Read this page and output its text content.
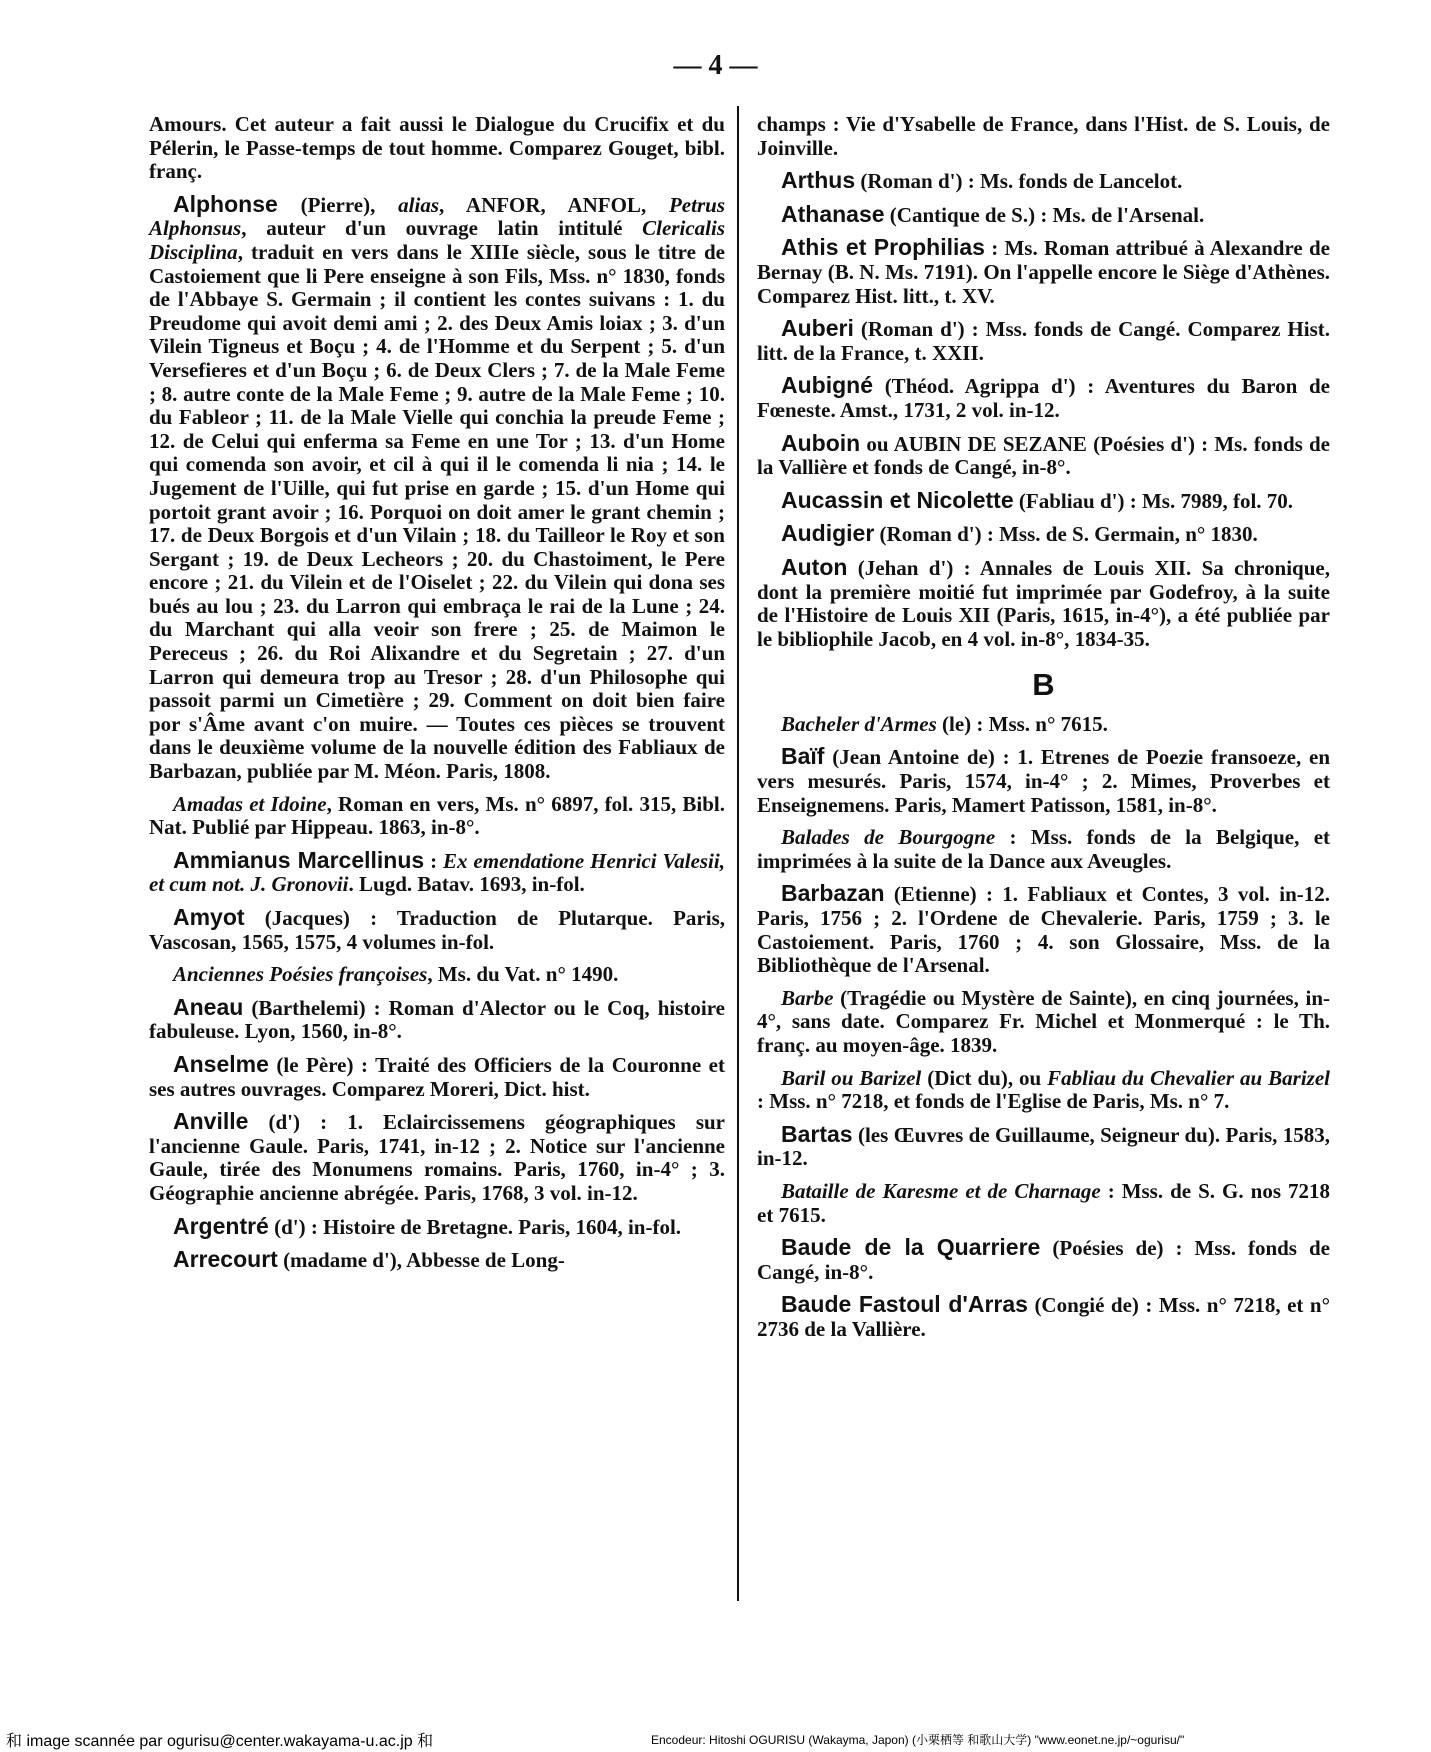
— 4 —

Amours. Cet auteur a fait aussi le Dialogue du Crucifix et du Pélerin, le Passe-temps de tout homme. Comparez Gouget, bibl. franç.

Alphonse (Pierre), alias, ANFOR, ANFOL, Petrus Alphonsus, auteur d'un ouvrage latin intitulé Clericalis Disciplina, traduit en vers dans le XIIIe siècle, sous le titre de Castoiement que li Pere enseigne à son Fils, Mss. n° 1830, fonds de l'Abbaye S. Germain ; il contient les contes suivans : 1. du Preudome qui avoit demi ami ; 2. des Deux Amis loiax ; 3. d'un Vilein Tigneus et Boçu ; 4. de l'Homme et du Serpent ; 5. d'un Versefieres et d'un Boçu ; 6. de Deux Clers ; 7. de la Male Feme ; 8. autre conte de la Male Feme ; 9. autre de la Male Feme ; 10. du Fableor ; 11. de la Male Vielle qui conchia la preude Feme ; 12. de Celui qui enferma sa Feme en une Tor ; 13. d'un Home qui comenda son avoir, et cil à qui il le comenda li nia ; 14. le Jugement de l'Uille, qui fut prise en garde ; 15. d'un Home qui portoit grant avoir ; 16. Porquoi on doit amer le grant chemin ; 17. de Deux Borgois et d'un Vilain ; 18. du Tailleor le Roy et son Sergant ; 19. de Deux Lecheors ; 20. du Chastoiment, le Pere encore ; 21. du Vilein et de l'Oiselet ; 22. du Vilein qui dona ses bués au lou ; 23. du Larron qui embraça le rai de la Lune ; 24. du Marchant qui alla veoir son frere ; 25. de Maimon le Pereceus ; 26. du Roi Alixandre et du Segretain ; 27. d'un Larron qui demeura trop au Tresor ; 28. d'un Philosophe qui passoit parmi un Cimetière ; 29. Comment on doit bien faire por s'Âme avant c'on muire. — Toutes ces pièces se trouvent dans le deuxième volume de la nouvelle édition des Fabliaux de Barbazan, publiée par M. Méon. Paris, 1808.

Amadas et Idoine, Roman en vers, Ms. n° 6897, fol. 315, Bibl. Nat. Publié par Hippeau. 1863, in-8°.

Ammianus Marcellinus : Ex emendatione Henrici Valesii, et cum not. J. Gronovii. Lugd. Batav. 1693, in-fol.

Amyot (Jacques) : Traduction de Plutarque. Paris, Vascosan, 1565, 1575, 4 volumes in-fol.

Anciennes Poésies françoises, Ms. du Vat. n° 1490.

Aneau (Barthelemi) : Roman d'Alector ou le Coq, histoire fabuleuse. Lyon, 1560, in-8°.

Anselme (le Père) : Traité des Officiers de la Couronne et ses autres ouvrages. Comparez Moreri, Dict. hist.

Anville (d') : 1. Eclaircissemens géographiques sur l'ancienne Gaule. Paris, 1741, in-12 ; 2. Notice sur l'ancienne Gaule, tirée des Monumens romains. Paris, 1760, in-4° ; 3. Géographie ancienne abrégée. Paris, 1768, 3 vol. in-12.

Argentré (d') : Histoire de Bretagne. Paris, 1604, in-fol.

Arrecourt (madame d'), Abbesse de Long-

champs : Vie d'Ysabelle de France, dans l'Hist. de S. Louis, de Joinville.

Arthus (Roman d') : Ms. fonds de Lancelot.

Athanase (Cantique de S.) : Ms. de l'Arsenal.

Athis et Prophilias : Ms. Roman attribué à Alexandre de Bernay (B. N. Ms. 7191). On l'appelle encore le Siège d'Athènes. Comparez Hist. litt., t. XV.

Auberi (Roman d') : Mss. fonds de Cangé. Comparez Hist. litt. de la France, t. XXII.

Aubigné (Théod. Agrippa d') : Aventures du Baron de Fœneste. Amst., 1731, 2 vol. in-12.

Auboin ou AUBIN DE SEZANE (Poésies d') : Ms. fonds de la Vallière et fonds de Cangé, in-8°.

Aucassin et Nicolette (Fabliau d') : Ms. 7989, fol. 70.

Audigier (Roman d') : Mss. de S. Germain, n° 1830.

Auton (Jehan d') : Annales de Louis XII. Sa chronique, dont la première moitié fut imprimée par Godefroy, à la suite de l'Histoire de Louis XII (Paris, 1615, in-4°), a été publiée par le bibliophile Jacob, en 4 vol. in-8°, 1834-35.

B

Bacheler d'Armes (le) : Mss. n° 7615.

Baïf (Jean Antoine de) : 1. Etrenes de Poezie fransoeze, en vers mesurés. Paris, 1574, in-4° ; 2. Mimes, Proverbes et Enseignemens. Paris, Mamert Patisson, 1581, in-8°.

Balades de Bourgogne : Mss. fonds de la Belgique, et imprimées à la suite de la Dance aux Aveugles.

Barbazan (Etienne) : 1. Fabliaux et Contes, 3 vol. in-12. Paris, 1756 ; 2. l'Ordene de Chevalerie. Paris, 1759 ; 3. le Castoiement. Paris, 1760 ; 4. son Glossaire, Mss. de la Bibliothèque de l'Arsenal.

Barbe (Tragédie ou Mystère de Sainte), en cinq journées, in-4°, sans date. Comparez Fr. Michel et Monmerqué : le Th. franç. au moyen-âge. 1839.

Baril ou Barizel (Dict du), ou Fabliau du Chevalier au Barizel : Mss. n° 7218, et fonds de l'Eglise de Paris, Ms. n° 7.

Bartas (les Œuvres de Guillaume, Seigneur du). Paris, 1583, in-12.

Bataille de Karesme et de Charnage : Mss. de S. G. nos 7218 et 7615.

Baude de la Quarriere (Poésies de) : Mss. fonds de Cangé, in-8°.

Baude Fastoul d'Arras (Congié de) : Mss. n° 7218, et n° 2736 de la Vallière.

Encodeur: Hitoshi OGURISU (Wakayma, Japon) (小栗栖等 和歌山大学) "www.eonet.ne.jp/~ogurisu/"
和 image scannée par ogurisu@center.wakayama-u.ac.jp 和
